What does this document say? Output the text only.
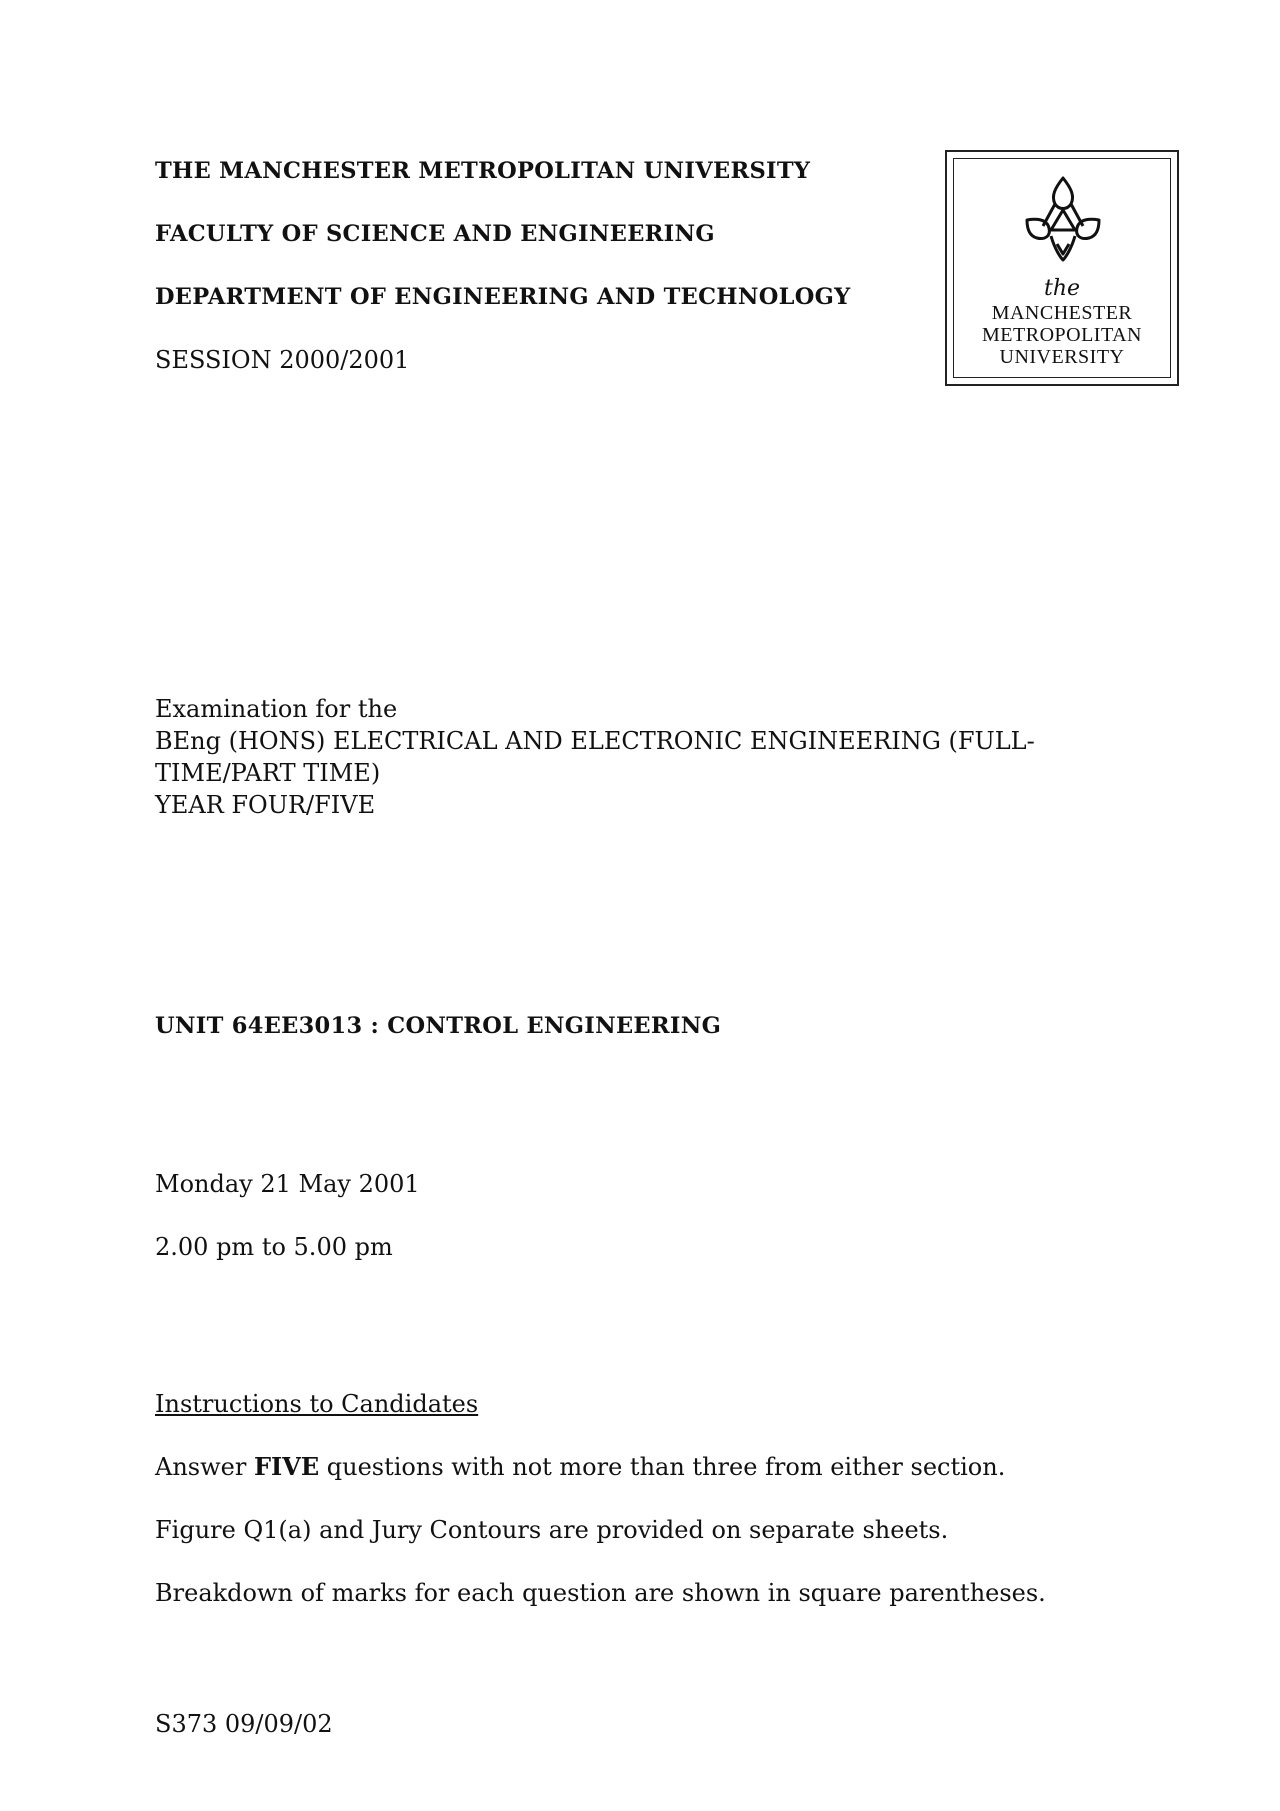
THE MANCHESTER METROPOLITAN UNIVERSITY
FACULTY OF SCIENCE AND ENGINEERING
DEPARTMENT OF ENGINEERING AND TECHNOLOGY
SESSION 2000/2001
the
MANCHESTER
METROPOLITAN
UNIVERSITY
Examination for the
BEng (HONS) ELECTRICAL AND ELECTRONIC ENGINEERING (FULL-
TIME/PART TIME)
YEAR FOUR/FIVE
UNIT 64EE3013 : CONTROL ENGINEERING
Monday 21 May 2001
2.00 pm to 5.00 pm
Instructions to Candidates
Answer FIVE questions with not more than three from either section.
Figure Q1(a) and Jury Contours are provided on separate sheets.
Breakdown of marks for each question are shown in square parentheses.
S373 09/09/02
